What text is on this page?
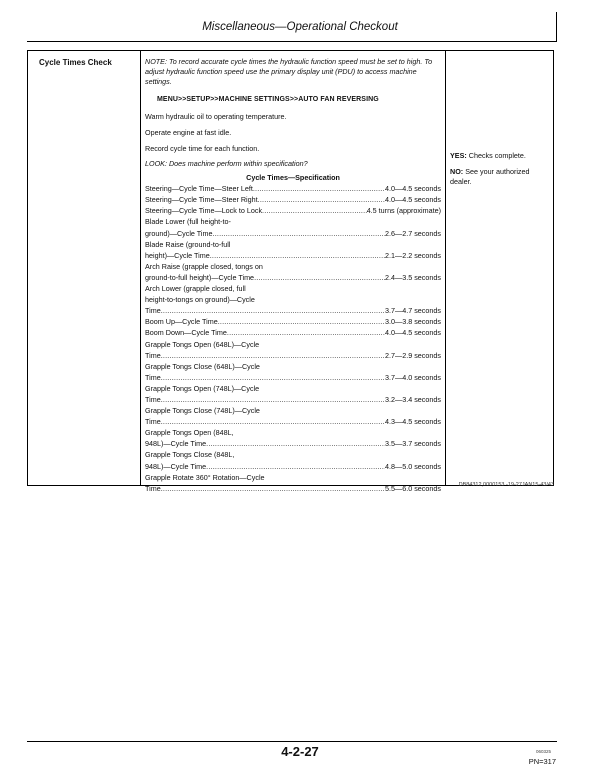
Miscellaneous—Operational Checkout
Cycle Times Check	NOTE: To record accurate cycle times the hydraulic function speed must be set to high. To adjust hydraulic function speed use the primary display unit (PDU) to access machine settings.

MENU>>SETUP>>MACHINE SETTINGS>>AUTO FAN REVERSING

Warm hydraulic oil to operating temperature.

Operate engine at fast idle.

Record cycle time for each function.

LOOK: Does machine perform within specification?

Cycle Times—Specification
Steering—Cycle Time—Steer Left .....	4.0—4.5 seconds
Steering—Cycle Time—Steer Right .....	4.0—4.5 seconds
Steering—Cycle Time—Lock to Lock .....	4.5 turns (approximate)
Blade Lower (full height-to-
ground)—Cycle Time .....	2.6—2.7 seconds
Blade Raise (ground-to-full
height)—Cycle Time .....	2.1—2.2 seconds
Arch Raise (grapple closed, tongs on
ground-to-full height)—Cycle Time .....	2.4—3.5 seconds
Arch Lower (grapple closed, full
height-to-tongs on ground)—Cycle
Time .....	3.7—4.7 seconds
Boom Up—Cycle Time .....	3.0—3.8 seconds
Boom Down—Cycle Time .....	4.0—4.5 seconds
Grapple Tongs Open (648L)—Cycle
Time .....	2.7—2.9 seconds
Grapple Tongs Close (648L)—Cycle
Time .....	3.7—4.0 seconds
Grapple Tongs Open (748L)—Cycle
Time .....	3.2—3.4 seconds
Grapple Tongs Close (748L)—Cycle
Time .....	4.3—4.5 seconds
Grapple Tongs Open (848L,
948L)—Cycle Time .....	3.5—3.7 seconds
Grapple Tongs Close (848L,
948L)—Cycle Time .....	4.8—5.0 seconds
Grapple Rotate 360° Rotation—Cycle
Time .....	5.5—6.0 seconds

YES: Checks complete.

NO: See your authorized dealer.

DB84312,0000153 -19-27JAN15-43/43
4-2-27	060325
PN=317
